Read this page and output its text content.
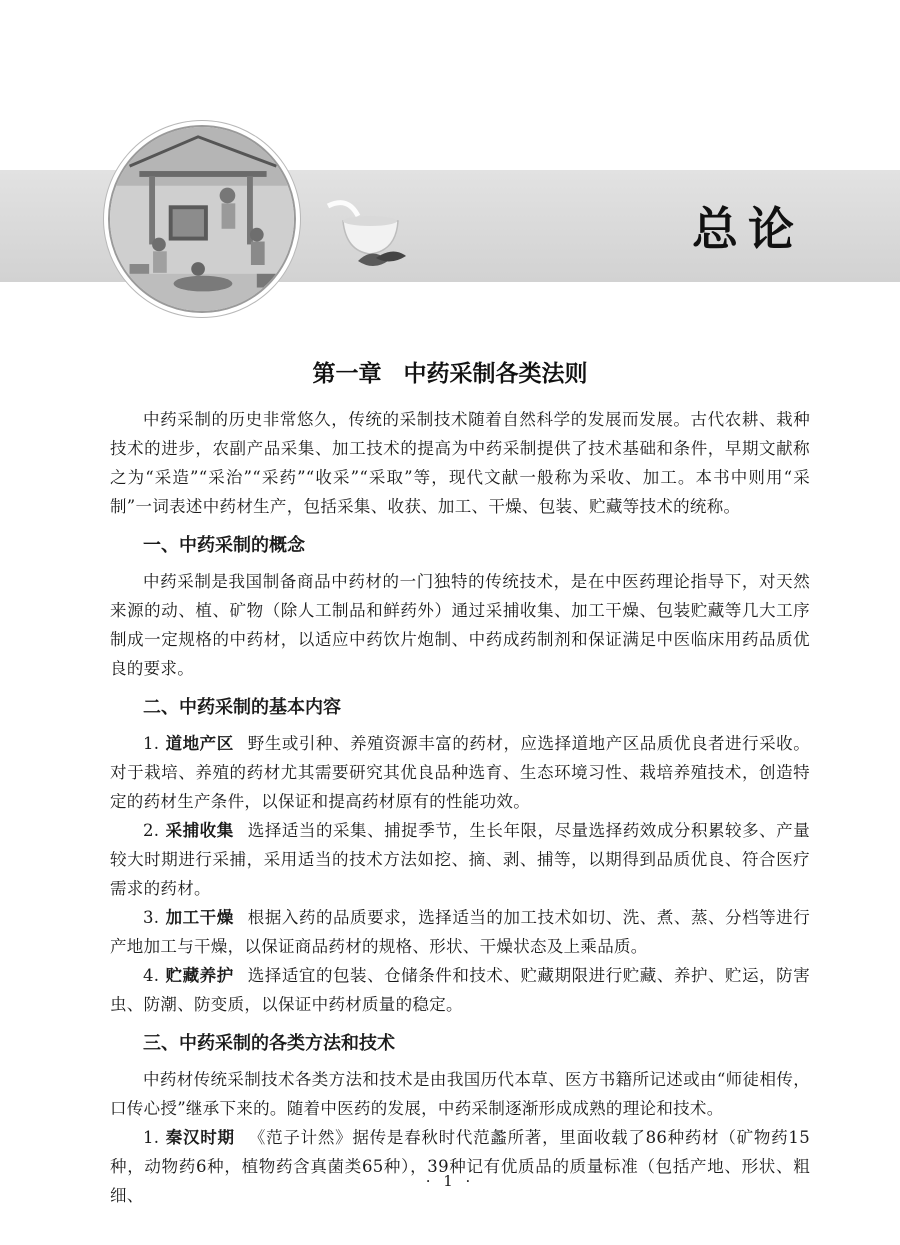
总论
第一章 中药采制各类法则

中药采制的历史非常悠久，传统的采制技术随着自然科学的发展而发展。古代农耕、栽种技术的进步，农副产品采集、加工技术的提高为中药采制提供了技术基础和条件，早期文献称之为“采造”“采治”“采药”“收采”“采取”等，现代文献一般称为采收、加工。本书中则用“采制”一词表述中药材生产，包括采集、收获、加工、干燥、包装、贮藏等技术的统称。

一、中药采制的概念

中药采制是我国制备商品中药材的一门独特的传统技术，是在中医药理论指导下，对天然来源的动、植、矿物（除人工制品和鲜药外）通过采捕收集、加工干燥、包装贮藏等几大工序制成一定规格的中药材，以适应中药饮片炮制、中药成药制剂和保证满足中医临床用药品质优良的要求。

二、中药采制的基本内容

1. 道地产区 野生或引种、养殖资源丰富的药材，应选择道地产区品质优良者进行采收。对于栽培、养殖的药材尤其需要研究其优良品种选育、生态环境习性、栽培养殖技术，创造特定的药材生产条件，以保证和提高药材原有的性能功效。

2. 采捕收集 选择适当的采集、捕捉季节，生长年限，尽量选择药效成分积累较多、产量较大时期进行采捕，采用适当的技术方法如挖、摘、剥、捕等，以期得到品质优良、符合医疗需求的药材。

3. 加工干燥 根据入药的品质要求，选择适当的加工技术如切、洗、煮、蒸、分档等进行产地加工与干燥，以保证商品药材的规格、形状、干燥状态及上乘品质。

4. 贮藏养护 选择适宜的包装、仓储条件和技术、贮藏期限进行贮藏、养护、贮运，防害虫、防潮、防变质，以保证中药材质量的稳定。

三、中药采制的各类方法和技术

中药材传统采制技术各类方法和技术是由我国历代本草、医方书籍所记述或由“师徒相传，口传心授”继承下来的。随着中医药的发展，中药采制逐渐形成成熟的理论和技术。

1. 秦汉时期 《范子计然》据传是春秋时代范蠡所著，里面收载了86种药材（矿物药15种，动物药6种，植物药含真菌类65种），39种记有优质品的质量标准（包括产地、形状、粗细、

· 1 ·
